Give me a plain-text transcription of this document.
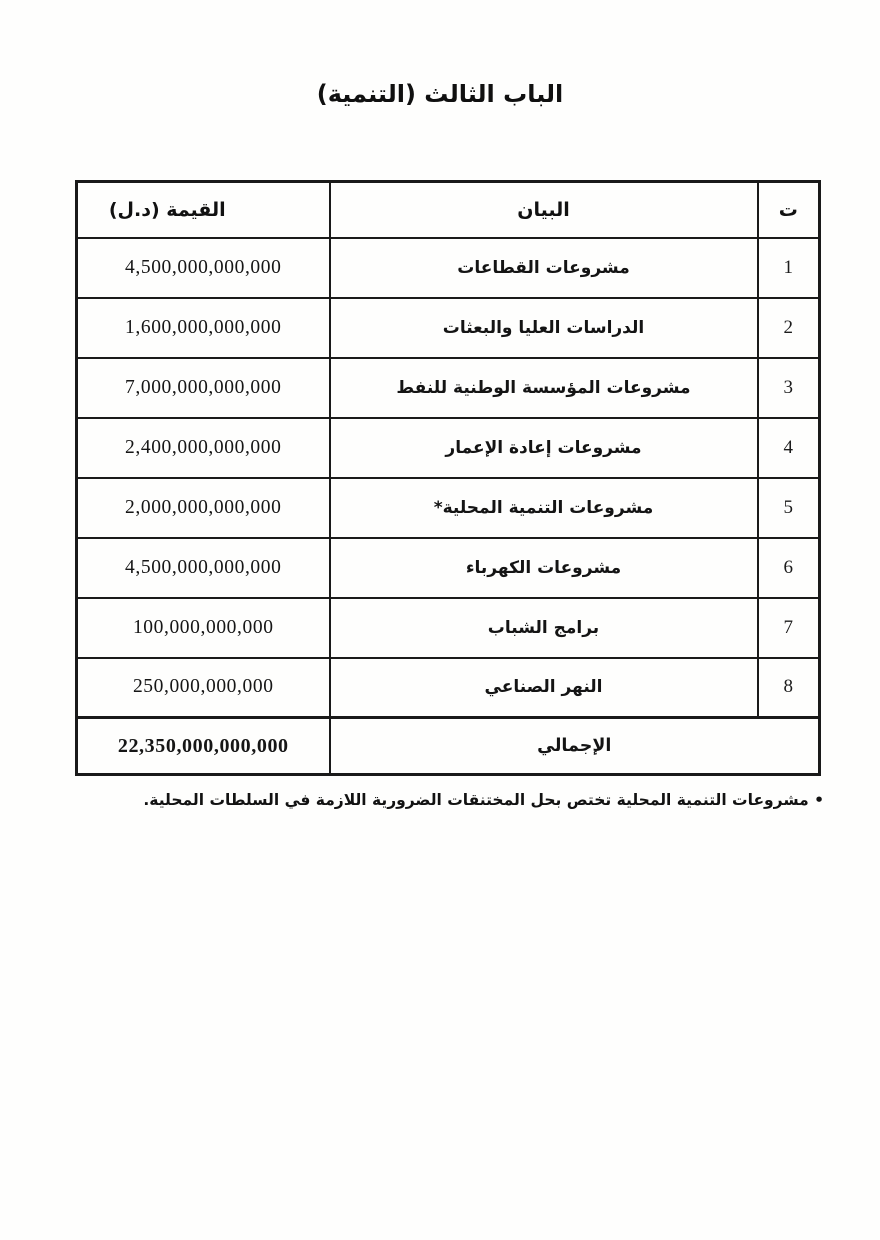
الباب الثالث (التنمية)
ت	البيان	القيمة (د.ل)
1	مشروعات القطاعات	4,500,000,000,000
2	الدراسات العليا والبعثات	1,600,000,000,000
3	مشروعات المؤسسة الوطنية للنفط	7,000,000,000,000
4	مشروعات إعادة الإعمار	2,400,000,000,000
5	مشروعات التنمية المحلية*	2,000,000,000,000
6	مشروعات الكهرباء	4,500,000,000,000
7	برامج الشباب	100,000,000,000
8	النهر الصناعي	250,000,000,000
الإجمالي		22,350,000,000,000
• مشروعات التنمية المحلية تختص بحل المختنقات الضرورية اللازمة في السلطات المحلية.
